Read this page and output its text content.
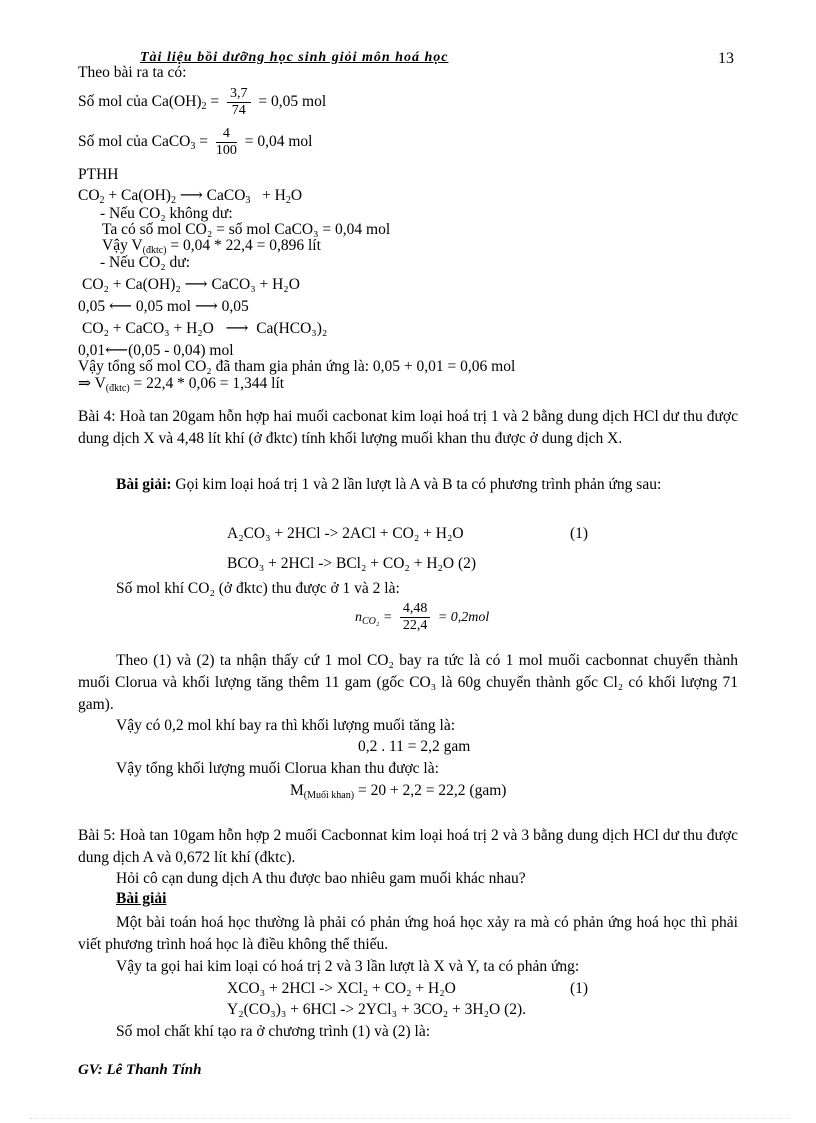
Tài liệu bồi dưỡng học sinh giỏi môn hoá học	13
Theo bài ra ta có:
Số mol của $Ca(OH)_2 = \frac{3,7}{74} = 0,05$ mol
Số mol của CaCO$_3$ = $\frac{4}{100} = 0,04$ mol
PTHH
$CO_2 + Ca(OH)_2$ ⟶ CaCO$_3$ + $H_2O$
- Nếu CO₂ không dư:
Ta có số mol CO₂ = số mol CaCO₃ = 0,04 mol
Vậy $V_{(đktc)} = 0,04 * 22,4 = 0,896$ lít
- Nếu CO₂ dư:
CO₂ + Ca(OH)₂ ⟶ CaCO₃ + H₂O
0,05 ⟵ 0,05 mol ⟶ 0,05
CO₂ + CaCO₃ + H₂O ⟶ Ca(HCO₃)₂
0,01⟵(0,05 - 0,04) mol
Vậy tổng số mol CO₂ đã tham gia phản ứng là: 0,05 + 0,01 = 0,06 mol
⇒ $V_{(đktc)} = 22,4 * 0,06 = 1,344$ lít
Bài 4: Hoà tan 20gam hỗn hợp hai muối cacbonat kim loại hoá trị 1 và 2 bằng dung dịch HCl dư thu được dung dịch X và 4,48 lít khí (ở đktc) tính khối lượng muối khan thu được ở dung dịch X.
Bài giải: Gọi kim loại hoá trị 1 và 2 lần lượt là A và B ta có phương trình phản ứng sau:
A₂CO₃ + 2HCl -> 2ACl + CO₂ + H₂O	(1)
BCO₃ + 2HCl -> BCl₂ + CO₂ + H₂O (2)
Số mol khí CO₂ (ở đktc) thu được ở 1 và 2 là:
$n_{CO_2} = \frac{4,48}{22,4} = 0,2mol$
Theo (1) và (2) ta nhận thấy cứ 1 mol CO₂ bay ra tức là có 1 mol muối cacbonnat chuyển thành muối Clorua và khối lượng tăng thêm 11 gam (gốc CO₃ là 60g chuyển thành gốc Cl₂ có khối lượng 71 gam).
Vậy có 0,2 mol khí bay ra thì khối lượng muối tăng là:
0,2 . 11 = 2,2 gam
Vậy tổng khối lượng muối Clorua khan thu được là:
$M_{(Muối khan)} = 20 + 2,2 = 22,2$ (gam)
Bài 5: Hoà tan 10gam hỗn hợp 2 muối Cacbonnat kim loại hoá trị 2 và 3 bằng dung dịch HCl dư thu được dung dịch A và 0,672 lít khí (đktc).
Hỏi cô cạn dung dịch A thu được bao nhiêu gam muối khác nhau?
Bài giải
Một bài toán hoá học thường là phải có phản ứng hoá học xảy ra mà có phản ứng hoá học thì phải viết phương trình hoá học là điều không thể thiếu.
Vậy ta gọi hai kim loại có hoá trị 2 và 3 lần lượt là X và Y, ta có phản ứng:
XCO₃ + 2HCl -> XCl₂ + CO₂ + H₂O	(1)
Y₂(CO₃)₃ + 6HCl -> 2YCl₃ + 3CO₂ + 3H₂O (2).
Số mol chất khí tạo ra ở chương trình (1) và (2) là:
GV: Lê Thanh Tính
